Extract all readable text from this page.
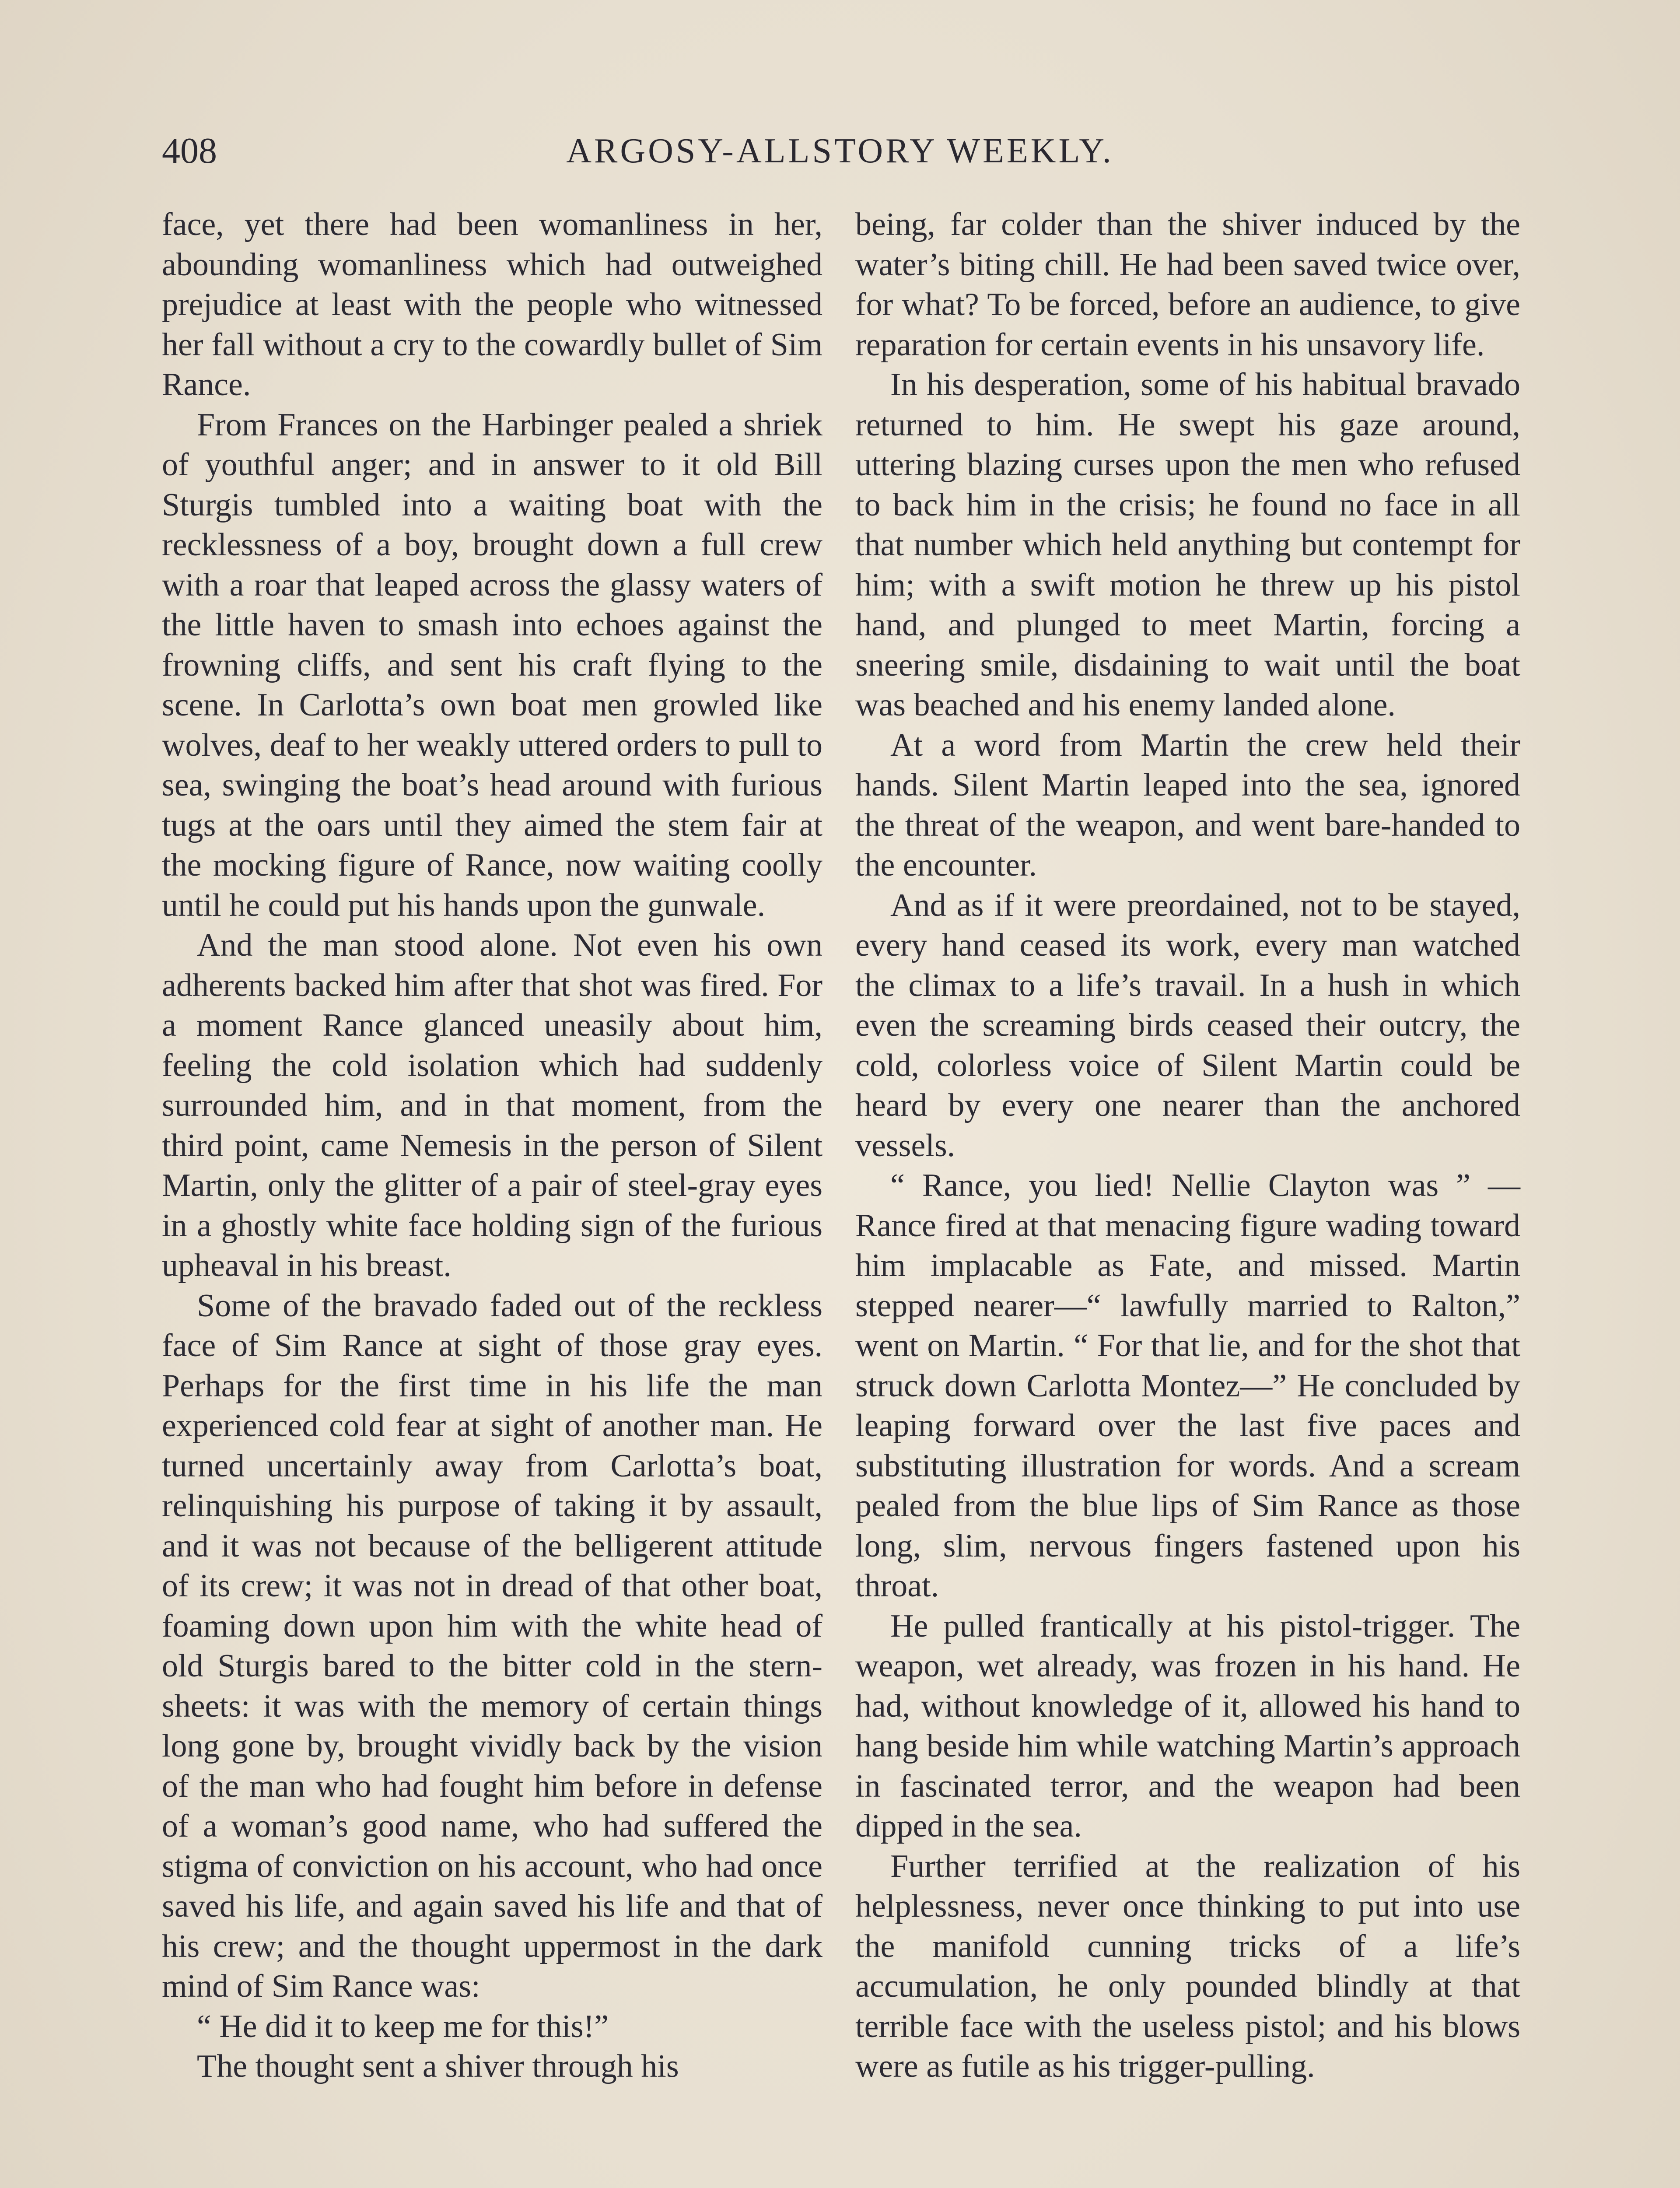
408	ARGOSY-ALLSTORY WEEKLY.

face, yet there had been womanliness in her, abounding womanliness which had outweighed prejudice at least with the people who witnessed her fall without a cry to the cowardly bullet of Sim Rance.

From Frances on the Harbinger pealed a shriek of youthful anger; and in answer to it old Bill Sturgis tumbled into a waiting boat with the recklessness of a boy, brought down a full crew with a roar that leaped across the glassy waters of the little haven to smash into echoes against the frowning cliffs, and sent his craft flying to the scene. In Carlotta’s own boat men growled like wolves, deaf to her weakly uttered orders to pull to sea, swinging the boat’s head around with furious tugs at the oars until they aimed the stem fair at the mocking figure of Rance, now waiting coolly until he could put his hands upon the gunwale.

And the man stood alone. Not even his own adherents backed him after that shot was fired. For a moment Rance glanced uneasily about him, feeling the cold isolation which had suddenly surrounded him, and in that moment, from the third point, came Nemesis in the person of Silent Martin, only the glitter of a pair of steel-gray eyes in a ghostly white face holding sign of the furious upheaval in his breast.

Some of the bravado faded out of the reckless face of Sim Rance at sight of those gray eyes. Perhaps for the first time in his life the man experienced cold fear at sight of another man. He turned uncertainly away from Carlotta’s boat, relinquishing his purpose of taking it by assault, and it was not because of the belligerent attitude of its crew; it was not in dread of that other boat, foaming down upon him with the white head of old Sturgis bared to the bitter cold in the stern-sheets: it was with the memory of certain things long gone by, brought vividly back by the vision of the man who had fought him before in defense of a woman’s good name, who had suffered the stigma of conviction on his account, who had once saved his life, and again saved his life and that of his crew; and the thought uppermost in the dark mind of Sim Rance was:

“ He did it to keep me for this!”

The thought sent a shiver through his

being, far colder than the shiver induced by the water’s biting chill. He had been saved twice over, for what? To be forced, before an audience, to give reparation for certain events in his unsavory life.

In his desperation, some of his habitual bravado returned to him. He swept his gaze around, uttering blazing curses upon the men who refused to back him in the crisis; he found no face in all that number which held anything but contempt for him; with a swift motion he threw up his pistol hand, and plunged to meet Martin, forcing a sneering smile, disdaining to wait until the boat was beached and his enemy landed alone.

At a word from Martin the crew held their hands. Silent Martin leaped into the sea, ignored the threat of the weapon, and went bare-handed to the encounter.

And as if it were preordained, not to be stayed, every hand ceased its work, every man watched the climax to a life’s travail. In a hush in which even the screaming birds ceased their outcry, the cold, colorless voice of Silent Martin could be heard by every one nearer than the anchored vessels.

“ Rance, you lied! Nellie Clayton was ” —Rance fired at that menacing figure wading toward him implacable as Fate, and missed. Martin stepped nearer—“ lawfully married to Ralton,” went on Martin. “ For that lie, and for the shot that struck down Carlotta Montez—” He concluded by leaping forward over the last five paces and substituting illustration for words. And a scream pealed from the blue lips of Sim Rance as those long, slim, nervous fingers fastened upon his throat.

He pulled frantically at his pistol-trigger. The weapon, wet already, was frozen in his hand. He had, without knowledge of it, allowed his hand to hang beside him while watching Martin’s approach in fascinated terror, and the weapon had been dipped in the sea.

Further terrified at the realization of his helplessness, never once thinking to put into use the manifold cunning tricks of a life’s accumulation, he only pounded blindly at that terrible face with the useless pistol; and his blows were as futile as his trigger-pulling.
